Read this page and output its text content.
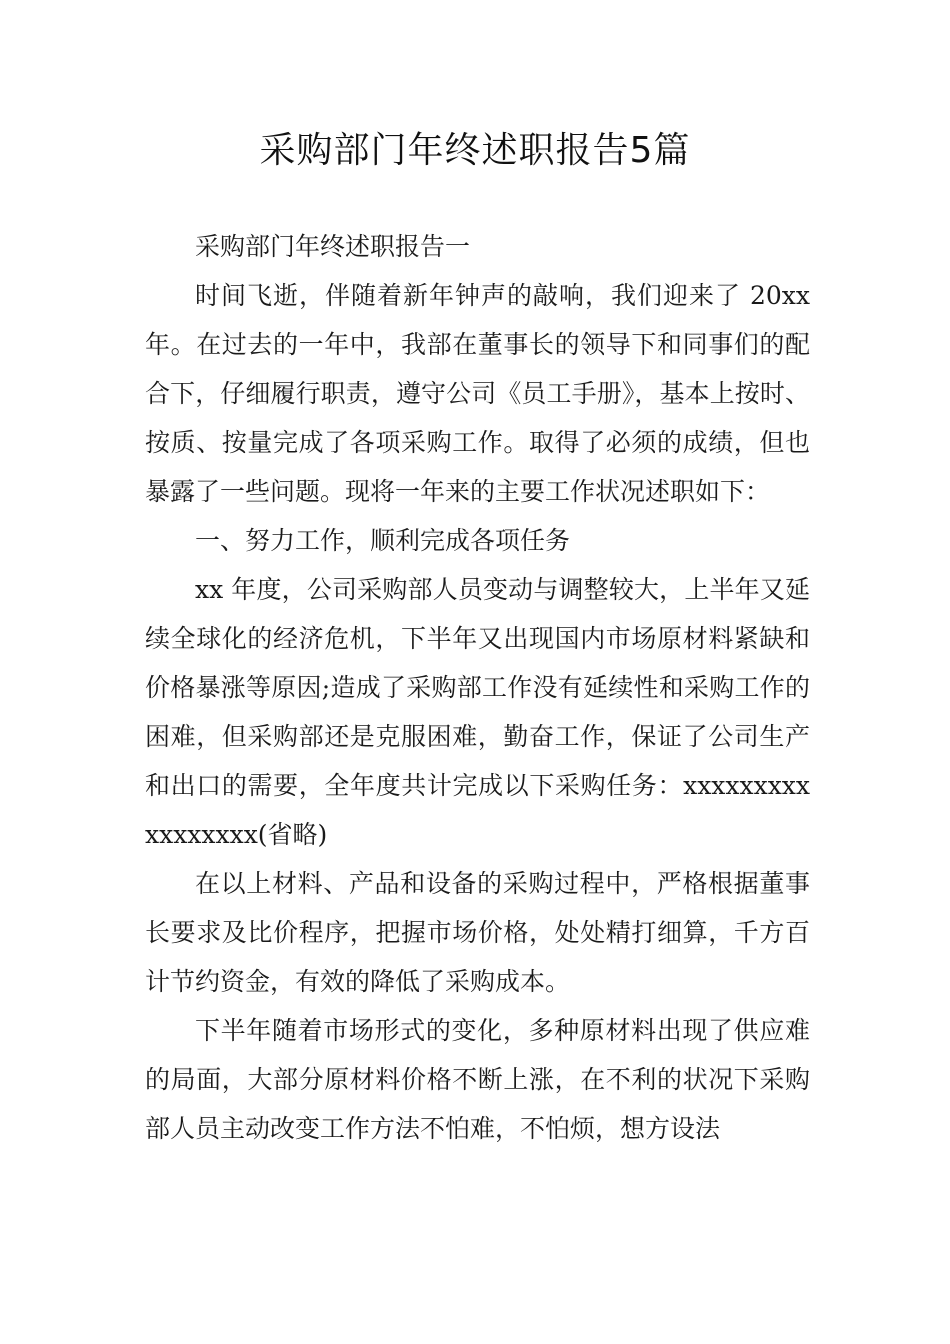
采购部门年终述职报告5篇

采购部门年终述职报告一

时间飞逝，伴随着新年钟声的敲响，我们迎来了 20xx 年。在过去的一年中，我部在董事长的领导下和同事们的配合下，仔细履行职责，遵守公司《员工手册》，基本上按时、按质、按量完成了各项采购工作。取得了必须的成绩，但也暴露了一些问题。现将一年来的主要工作状况述职如下：

一、努力工作，顺利完成各项任务

xx 年度，公司采购部人员变动与调整较大，上半年又延续全球化的经济危机，下半年又出现国内市场原材料紧缺和价格暴涨等原因;造成了采购部工作没有延续性和采购工作的困难，但采购部还是克服困难，勤奋工作，保证了公司生产和出口的需要，全年度共计完成以下采购任务：xxxxxxxxxxxxxxxxx(省略)

在以上材料、产品和设备的采购过程中，严格根据董事长要求及比价程序，把握市场价格，处处精打细算，千方百计节约资金，有效的降低了采购成本。

下半年随着市场形式的变化，多种原材料出现了供应难的局面，大部分原材料价格不断上涨，在不利的状况下采购部人员主动改变工作方法不怕难，不怕烦，想方设法
